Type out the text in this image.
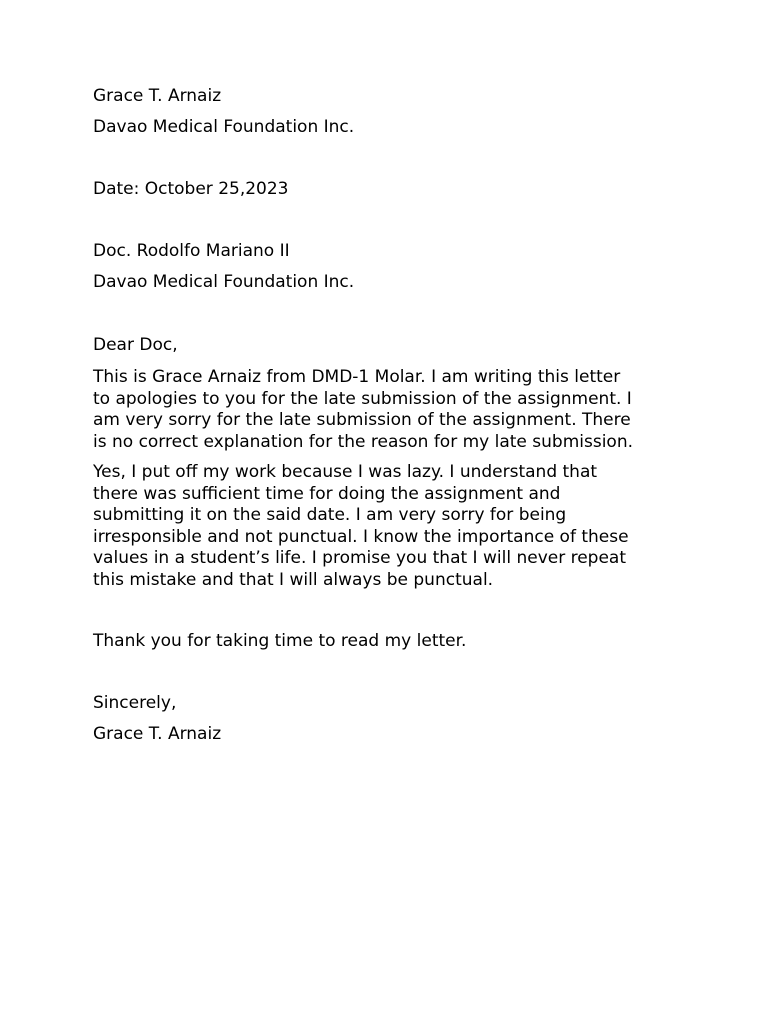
Grace T. Arnaiz
Davao Medical Foundation Inc.
Date: October 25,2023
Doc. Rodolfo Mariano II
Davao Medical Foundation Inc.
Dear Doc,
This is Grace Arnaiz from DMD-1 Molar. I am writing this letter
to apologies to you for the late submission of the assignment. I
am very sorry for the late submission of the assignment. There
is no correct explanation for the reason for my late submission.
Yes, I put off my work because I was lazy. I understand that
there was sufficient time for doing the assignment and
submitting it on the said date. I am very sorry for being
irresponsible and not punctual. I know the importance of these
values in a student’s life. I promise you that I will never repeat
this mistake and that I will always be punctual.
Thank you for taking time to read my letter.
Sincerely,
Grace T. Arnaiz
